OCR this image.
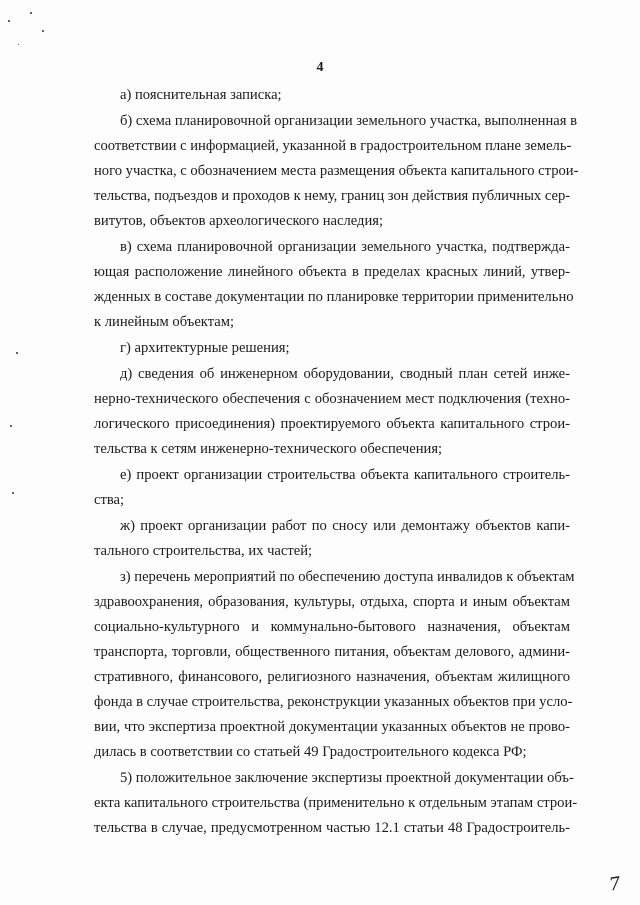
4
а) пояснительная записка;
б) схема планировочной организации земельного участка, выполненная в
соответствии с информацией, указанной в градостроительном плане земель-
ного участка, с обозначением места размещения объекта капитального строи-
тельства, подъездов и проходов к нему, границ зон действия публичных сер-
витутов, объектов археологического наследия;
в) схема планировочной организации земельного участка, подтвержда-
ющая расположение линейного объекта в пределах красных линий, утвер-
жденных в составе документации по планировке территории применительно
к линейным объектам;
г) архитектурные решения;
д) сведения об инженерном оборудовании, сводный план сетей инже-
нерно-технического обеспечения с обозначением мест подключения (техно-
логического присоединения) проектируемого объекта капитального строи-
тельства к сетям инженерно-технического обеспечения;
е) проект организации строительства объекта капитального строитель-
ства;
ж) проект организации работ по сносу или демонтажу объектов капи-
тального строительства, их частей;
з) перечень мероприятий по обеспечению доступа инвалидов к объектам
здравоохранения, образования, культуры, отдыха, спорта и иным объектам
социально-культурного и коммунально-бытового назначения, объектам
транспорта, торговли, общественного питания, объектам делового, админи-
стративного, финансового, религиозного назначения, объектам жилищного
фонда в случае строительства, реконструкции указанных объектов при усло-
вии, что экспертиза проектной документации указанных объектов не прово-
дилась в соответствии со статьей 49 Градостроительного кодекса РФ;
5) положительное заключение экспертизы проектной документации объ-
екта капитального строительства (применительно к отдельным этапам строи-
тельства в случае, предусмотренном частью 12.1 статьи 48 Градостроитель-
7
